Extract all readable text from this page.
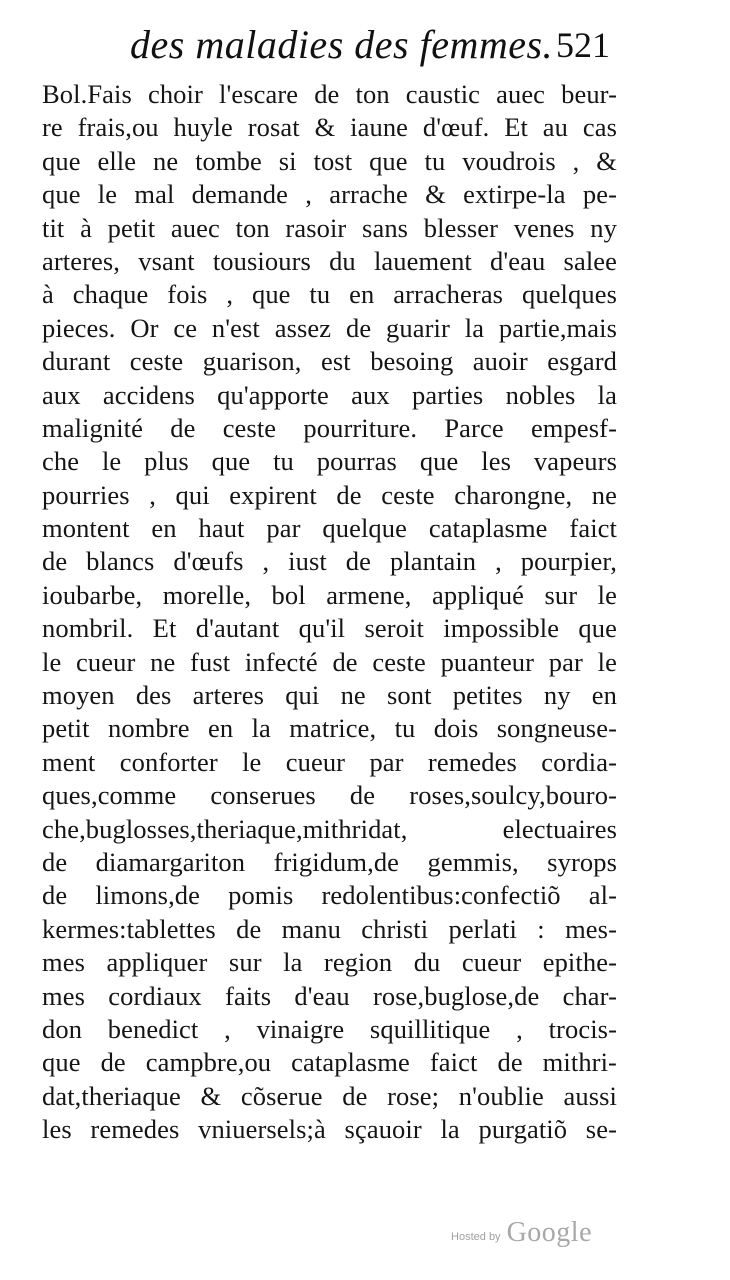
des maladies des femmes. 521
Bol.Fais choir l'escare de ton caustic auec beur-
re frais,ou huyle rosat & iaune d'œuf. Et au cas
que elle ne tombe si tost que tu voudrois , &
que le mal demande , arrache & extirpe-la pe-
tit à petit auec ton rasoir sans blesser venes ny
arteres, vsant tousiours du lauement d'eau salee
à chaque fois , que tu en arracheras quelques
pieces. Or ce n'est assez de guarir la partie,mais
durant ceste guarison, est besoing auoir esgard
aux accidens qu'apporte aux parties nobles la
malignité de ceste pourriture. Parce empesf-
che le plus que tu pourras que les vapeurs
pourries , qui expirent de ceste charongne, ne
montent en haut par quelque cataplasme faict
de blancs d'œufs , iust de plantain , pourpier,
ioubarbe, morelle, bol armene, appliqué sur le
nombril. Et d'autant qu'il seroit impossible que
le cueur ne fust infecté de ceste puanteur par le
moyen des arteres qui ne sont petites ny en
petit nombre en la matrice, tu dois songneuse-
ment conforter le cueur par remedes cordia-
ques,comme conserues de roses,soulcy,bouro-
che,buglosses,theriaque,mithridat, electuaires
de diamargariton frigidum,de gemmis, syrops
de limons,de pomis redolentibus:confectiõ al-
kermes:tablettes de manu christi perlati : mes-
mes appliquer sur la region du cueur epithe-
mes cordiaux faits d'eau rose,buglose,de char-
don benedict , vinaigre squillitique , trocis-
que de campbre,ou cataplasme faict de mithri-
dat,theriaque & cõserue de rose; n'oublie aussi
les remedes vniuersels;à sçauoir la purgatiõ se-
Hosted by Google
